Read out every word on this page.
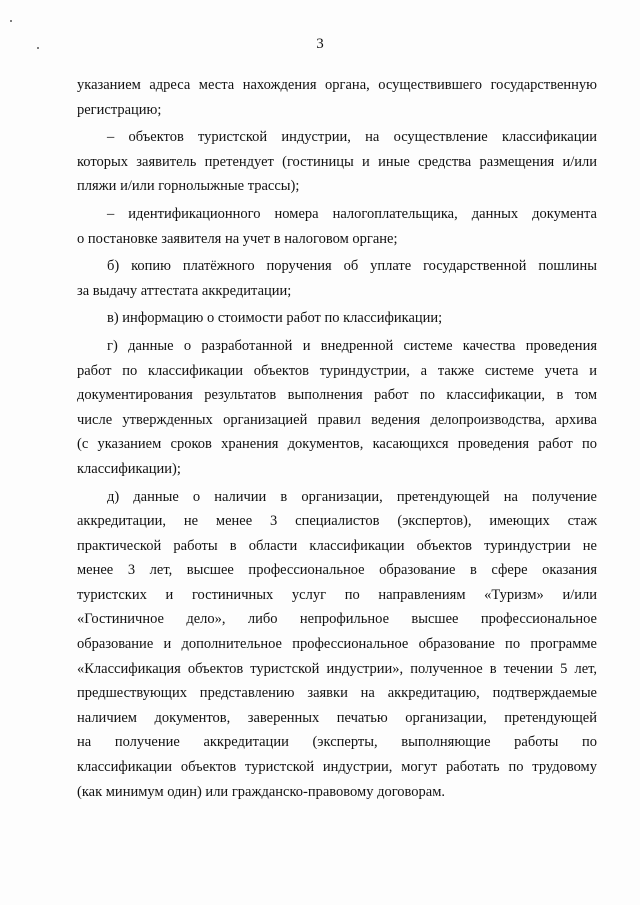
3

указанием адреса места нахождения органа, осуществившего государственную
регистрацию;

– объектов туристской индустрии, на осуществление классификации
которых заявитель претендует (гостиницы и иные средства размещения и/или
пляжи и/или горнолыжные трассы);

– идентификационного номера налогоплательщика, данных документа
о постановке заявителя на учет в налоговом органе;

б) копию платёжного поручения об уплате государственной пошлины
за выдачу аттестата аккредитации;

в) информацию о стоимости работ по классификации;

г) данные о разработанной и внедренной системе качества проведения
работ по классификации объектов туриндустрии, а также системе учета и
документирования результатов выполнения работ по классификации, в том
числе утвержденных организацией правил ведения делопроизводства, архива
(с указанием сроков хранения документов, касающихся проведения работ по
классификации);

д) данные о наличии в организации, претендующей на получение
аккредитации, не менее 3 специалистов (экспертов), имеющих стаж
практической работы в области классификации объектов туриндустрии не
менее 3 лет, высшее профессиональное образование в сфере оказания
туристских и гостиничных услуг по направлениям «Туризм» и/или
«Гостиничное дело», либо непрофильное высшее профессиональное
образование и дополнительное профессиональное образование по программе
«Классификация объектов туристской индустрии», полученное в течении 5 лет,
предшествующих представлению заявки на аккредитацию, подтверждаемые
наличием документов, заверенных печатью организации, претендующей
на получение аккредитации (эксперты, выполняющие работы по
классификации объектов туристской индустрии, могут работать по трудовому
(как минимум один) или гражданско-правовому договорам.
